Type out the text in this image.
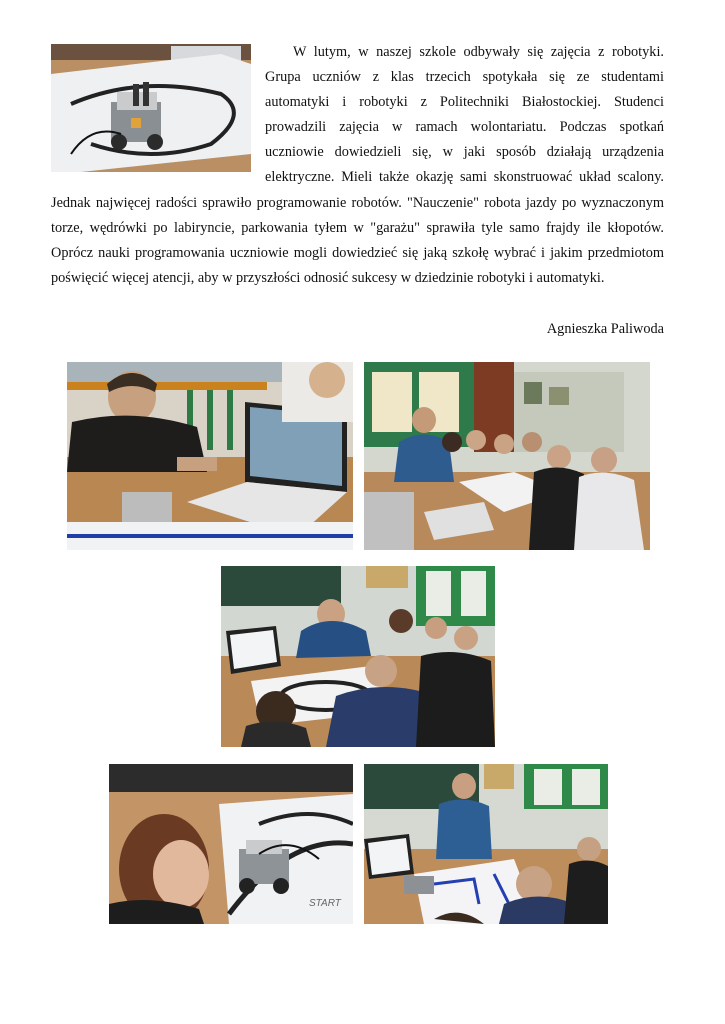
W lutym, w naszej szkole odbywały się zajęcia z robotyki. Grupa uczniów z klas trzecich spotykała się ze studentami automatyki i robotyki z Politechniki Białostockiej. Studenci prowadzili zajęcia w ramach wolontariatu. Podczas spotkań uczniowie dowiedzieli się, w jaki sposób działają urządzenia elektryczne. Mieli także okazję sami skonstruować układ scalony. Jednak najwięcej radości sprawiło programowanie robotów. "Nauczenie" robota jazdy po wyznaczonym torze, wędrówki po labiryncie, parkowania tyłem w "garażu" sprawiła tyle samo frajdy ile kłopotów. Oprócz nauki programowania uczniowie mogli dowiedzieć się jaką szkołę wybrać i jakim przedmiotom poświęcić więcej atencji, aby w przyszłości odnosić sukcesy w dziedzinie robotyki i automatyki.
Agnieszka Paliwoda
START
